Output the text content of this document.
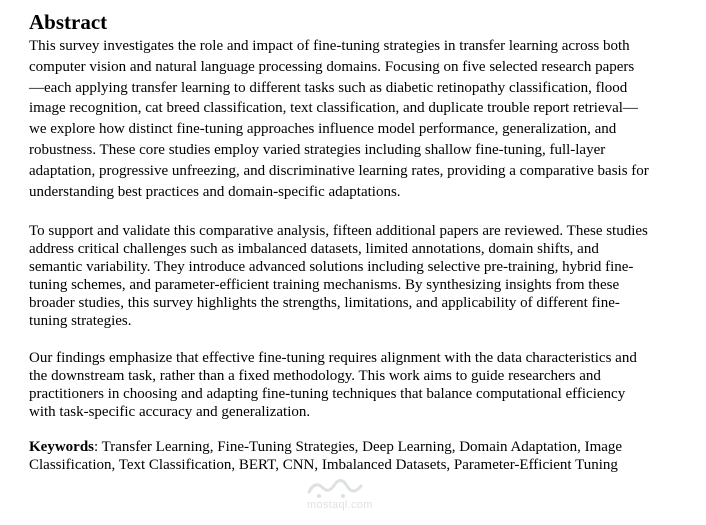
Abstract

This survey investigates the role and impact of fine-tuning strategies in transfer learning across both computer vision and natural language processing domains. Focusing on five selected research papers—each applying transfer learning to different tasks such as diabetic retinopathy classification, flood image recognition, cat breed classification, text classification, and duplicate trouble report retrieval—we explore how distinct fine-tuning approaches influence model performance, generalization, and robustness. These core studies employ varied strategies including shallow fine-tuning, full-layer adaptation, progressive unfreezing, and discriminative learning rates, providing a comparative basis for understanding best practices and domain-specific adaptations.

To support and validate this comparative analysis, fifteen additional papers are reviewed. These studies address critical challenges such as imbalanced datasets, limited annotations, domain shifts, and semantic variability. They introduce advanced solutions including selective pre-training, hybrid fine-tuning schemes, and parameter-efficient training mechanisms. By synthesizing insights from these broader studies, this survey highlights the strengths, limitations, and applicability of different fine-tuning strategies.

Our findings emphasize that effective fine-tuning requires alignment with the data characteristics and the downstream task, rather than a fixed methodology. This work aims to guide researchers and practitioners in choosing and adapting fine-tuning techniques that balance computational efficiency with task-specific accuracy and generalization.

Keywords: Transfer Learning, Fine-Tuning Strategies, Deep Learning, Domain Adaptation, Image Classification, Text Classification, BERT, CNN, Imbalanced Datasets, Parameter-Efficient Tuning

mostaql.com
